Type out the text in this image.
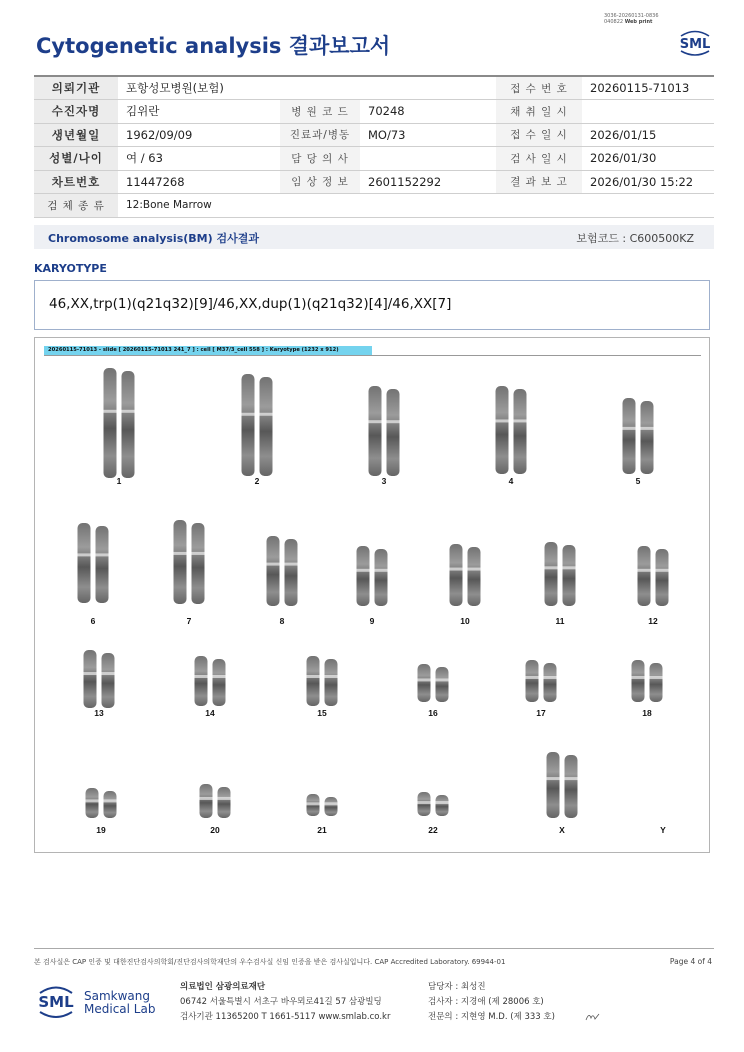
3036-20260131-0836
040822 Web print
Cytogenetic analysis 결과보고서	SML
의뢰기관	포항성모병원(보험)			접 수 번 호	20260115-71013
수진자명	김위란	병 원 코 드	70248	채 취 일 시	
생년월일	1962/09/09	진료과/병동	MO/73	접 수 일 시	2026/01/15
성별/나이	여 / 63	담 당 의 사		검 사 일 시	2026/01/30
차트번호	11447268	임 상 정 보	2601152292	결 과 보 고	2026/01/30 15:22
검 체 종 류	12:Bone Marrow				
Chromosome analysis(BM) 검사결과	보험코드 : C600500KZ
KARYOTYPE
46,XX,trp(1)(q21q32)[9]/46,XX,dup(1)(q21q32)[4]/46,XX[7]
1	2	3	4	5
6	7	8	9	10	11	12
13	14	15	16	17	18
19	20	21	22	X	Y
20260115-71013 - slide [ 20260115-71013 241_7 ] : cell [ M37/3_cell 558 ] : Karyotype (1232 x 912)
본 검사실은 CAP 인증 및 대한진단검사의학회/진단검사의학재단의 우수검사실 신임 인증을 받은 검사실입니다. CAP Accredited Laboratory. 69944-01	Page 4 of 4
SML Samkwang
Medical Lab
의료법인 삼광의료재단
06742 서울특별시 서초구 바우뫼로41길 57 삼광빌딩
검사기관 11365200 T 1661-5117 www.smlab.co.kr
담당자 : 최성진
검사자 : 지경애 (제 28006 호)
전문의 : 지현영 M.D. (제 333 호)
